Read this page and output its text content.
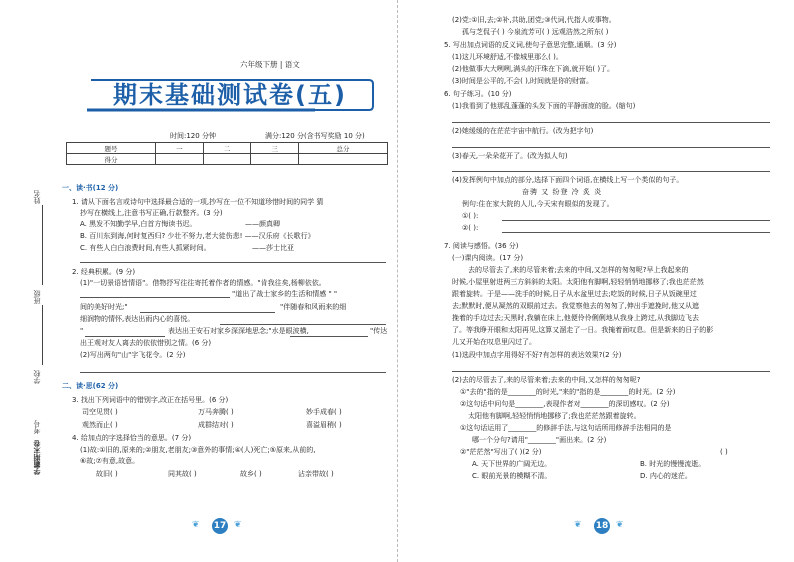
姓名
班级
学校
考号
学霸期末卷
六年级下册 | 语文
期末基础测试卷(五)
时间:120 分钟	满分:120 分(含书写奖励 10 分)
题号	一	二	三	总分
得分				
一、读·书(12 分)
1. 请从下面名言或诗句中选择最合适的一项,抄写在一位不知道珍惜时间的同学 猜
抄写在横线上,注意书写正确,行款整齐。(3 分)
A. 黑发不知勤学早,白首方悔读书迟。	——颜真卿
B. 百川东到海,何时复西归? 少壮不努力,老大徒伤悲! ——汉乐府《长歌行》
C. 有些人白白浪费时间,有些人抓紧时间。	——莎士比亚
2. 经典积累。(9 分)
(1)"一切景语皆情语"。借物抒写往往寄托着作者的情感。"肯我往矣,杨柳依依。
"道出了战士家乡的生活和情感 " "
间的美好时光;"	"伴随春和风雨来的细
细润物的情怀,表达出雨内心的喜悦。
"	表达出王安石对家乡深深地思念;"水是眼波横,	"传达
出王观对友人离去的依依惜别之情。(6 分)
(2)写出两句"山"字飞花令。(2 分)
二、读·思(62 分)
3. 找出下列词语中的错别字,改正在括号里。(6 分)
司空见贯( )	万马奔腾( )	妙手成春( )
观然而止( )	成群结对( )	喜溢眉稍( )
4. 给加点的字选择恰当的意思。(7 分)
(1)故:①旧的,原来的;②朋友,老朋友;③意外的事情;④(人)死亡;⑤原来,从前的,
⑥故;⑦有意,故意。
故旧( )	同其故( )	故乡( )	沾亲带故( )
❦ 17 ❦
(2)党:①旧,去;②补,共助,团党;③代词,代指人或事物。
孤与芝侃子( ) 今泉流芳可( ) 远观浩然之所东( )
5. 写出加点词语的反义词,使句子意思完整,通顺。(3 分)
(1)这儿环境舒适,不像城里那么( )。
(2)他做事大大咧咧,满头的汗珠在下滴,就开始( )了。
(3)时间是公平的,不会( ),时间就是你的财富。
6. 句子练习。(10 分)
(1)我看到了他那乱蓬蓬的头发下面的平静面庞的脸。(缩句)
(2)她缓缓的在茫茫宇宙中航行。(改为把字句)
(3)春天,一朵朵花开了。(改为拟人句)
(4)发挥例句中加点的部分,选择下面四个词语,在横线上写一个类似的句子。
奋骋 又 纷登 冷 炙 炎
例句:住在家大院的人儿,今天宋有眼似的发现了。
①( ):
②( ):
7. 阅读与感悟。(36 分)
(一)课内阅读。(17 分)
去的尽管去了,来的尽管来着;去来的中间,又怎样的匆匆呢?早上我起来的
时候,小屋里射进两三方斜斜的太阳。太阳他有脚啊,轻轻悄悄地挪移了;我也茫茫然
跟着旋转。于是——洗手的时候,日子从水盆里过去;吃饭的时候,日子从饭碗里过
去;默默时,便从凝然的双眼前过去。我觉察他去的匆匆了,伸出手遮挽时,他又从遮
挽着的手边过去;天黑时,我躺在床上,他便伶伶俐俐地从我身上跨过,从我脚边飞去
了。等我睁开眼和太阳再见,这算又溜走了一日。我掩着面叹息。但是新来的日子的影
儿又开始在叹息里闪过了。
(1)选段中加点字用得好不好?有怎样的表达效果?(2 分)
(2)去的尽管去了,来的尽管来着;去来的中间,又怎样的匆匆呢?
①"去的"指的是________的时光,"来的"指的是________的时光。(2 分)
②这句话中问句是________,表现作者对________的深切感叹。(2 分)
太阳他有脚啊,轻轻悄悄地挪移了;我也茫茫然跟着旋转。
①这句话运用了________的修辞手法,与这句话所用修辞手法相同的是
哪一个分句?请用"________"画出来。(2 分)
②"茫茫然"写出了( )(2 分)	( )
A. 天下世界的广阔无边。	B. 时光的慢慢流逝。
C. 眼前光景的模糊不清。	D. 内心的迷茫。
❦ 18 ❦
